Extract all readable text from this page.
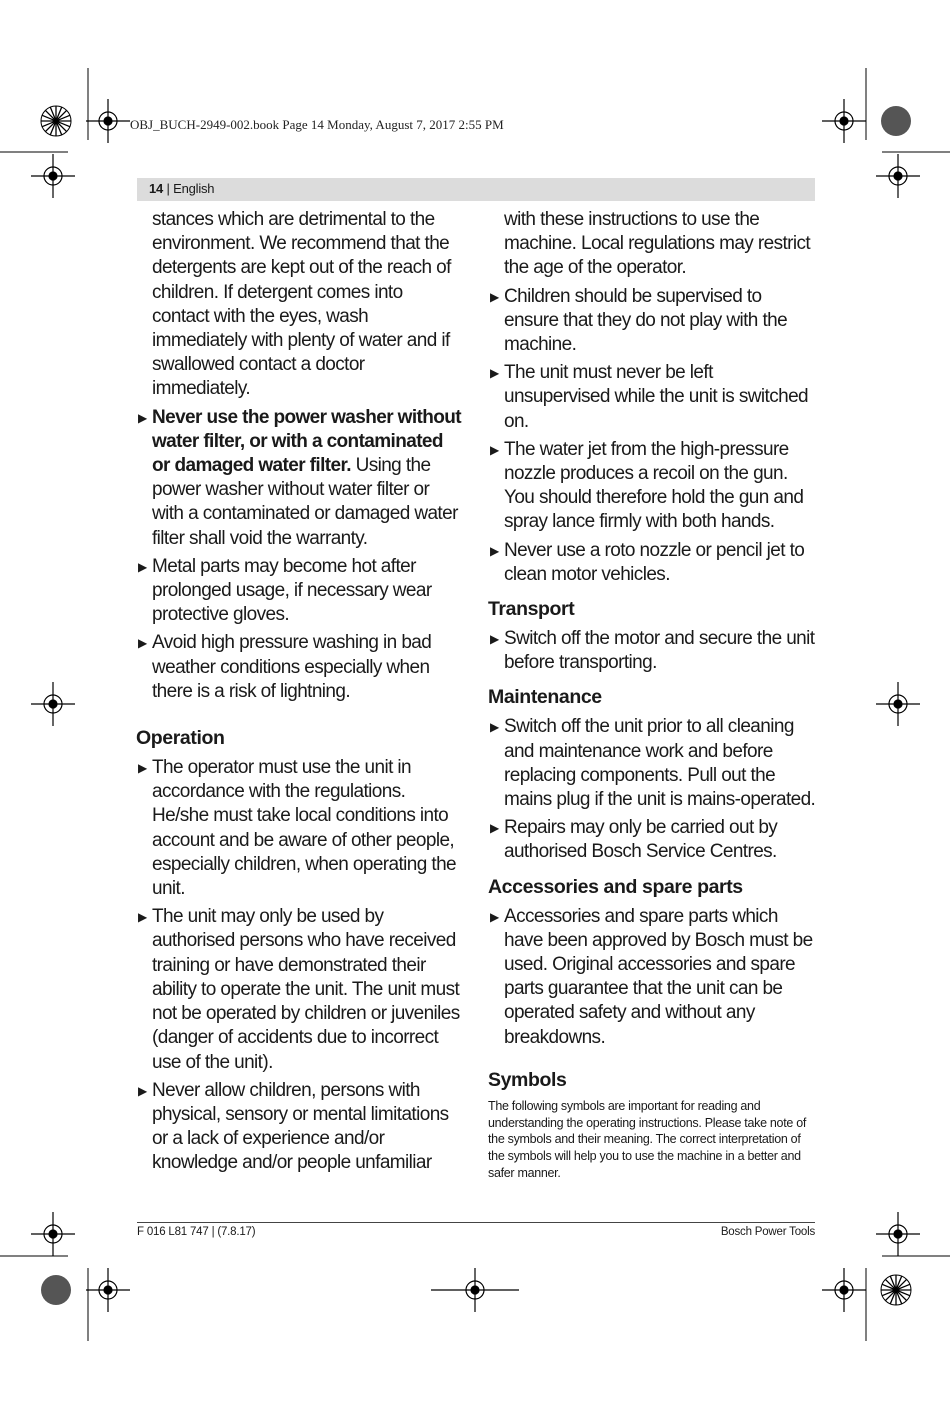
OBJ_BUCH-2949-002.book Page 14 Monday, August 7, 2017 2:55 PM
14 | English

stances which are detrimental to the environment. We recommend that the detergents are kept out of the reach of children. If detergent comes into contact with the eyes, wash immediately with plenty of water and if swallowed contact a doctor immediately.

▶ Never use the power washer without water filter, or with a contaminated or damaged water filter. Using the power washer without water filter or with a contaminated or damaged water filter shall void the warranty.
▶ Metal parts may become hot after prolonged usage, if necessary wear protective gloves.
▶ Avoid high pressure washing in bad weather conditions especially when there is a risk of lightning.
Operation
▶ The operator must use the unit in accordance with the regulations. He/she must take local conditions into account and be aware of other people, especially children, when operating the unit.
▶ The unit may only be used by authorised persons who have received training or have demonstrated their ability to operate the unit. The unit must not be operated by children or juveniles (danger of accidents due to incorrect use of the unit).
▶ Never allow children, persons with physical, sensory or mental limitations or a lack of experience and/or knowledge and/or people unfamiliar

with these instructions to use the machine. Local regulations may restrict the age of the operator.

▶ Children should be supervised to ensure that they do not play with the machine.
▶ The unit must never be left unsupervised while the unit is switched on.
▶ The water jet from the high-pressure nozzle produces a recoil on the gun. You should therefore hold the gun and spray lance firmly with both hands.
▶ Never use a roto nozzle or pencil jet to clean motor vehicles.
Transport
▶ Switch off the motor and secure the unit before transporting.
Maintenance
▶ Switch off the unit prior to all cleaning and maintenance work and before replacing components. Pull out the mains plug if the unit is mains-operated.
▶ Repairs may only be carried out by authorised Bosch Service Centres.
Accessories and spare parts
▶ Accessories and spare parts which have been approved by Bosch must be used. Original accessories and spare parts guarantee that the unit can be operated safety and without any breakdowns.
Symbols

The following symbols are important for reading and understanding the operating instructions. Please take note of the symbols and their meaning. The correct interpretation of the symbols will help you to use the machine in a better and safer manner.

F 016 L81 747 | (7.8.17)	Bosch Power Tools
